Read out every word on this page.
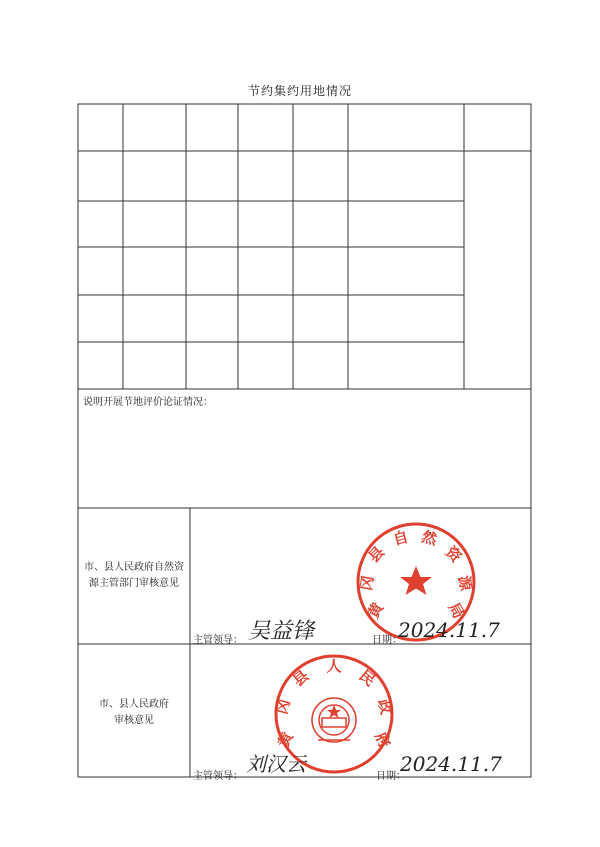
节约集约用地情况
说明开展节地评价论证情况：
市、县人民政府自然资
源主管部门审核意见
黄
冈
县
自 然
资
源
局
主管领导： 吴益锋	日期：
2024.11.7
市、县人民政府
审核意见
黄
冈
县
人
民
政
府
主管领导：
刘汉云
日期：
2024.11.7
